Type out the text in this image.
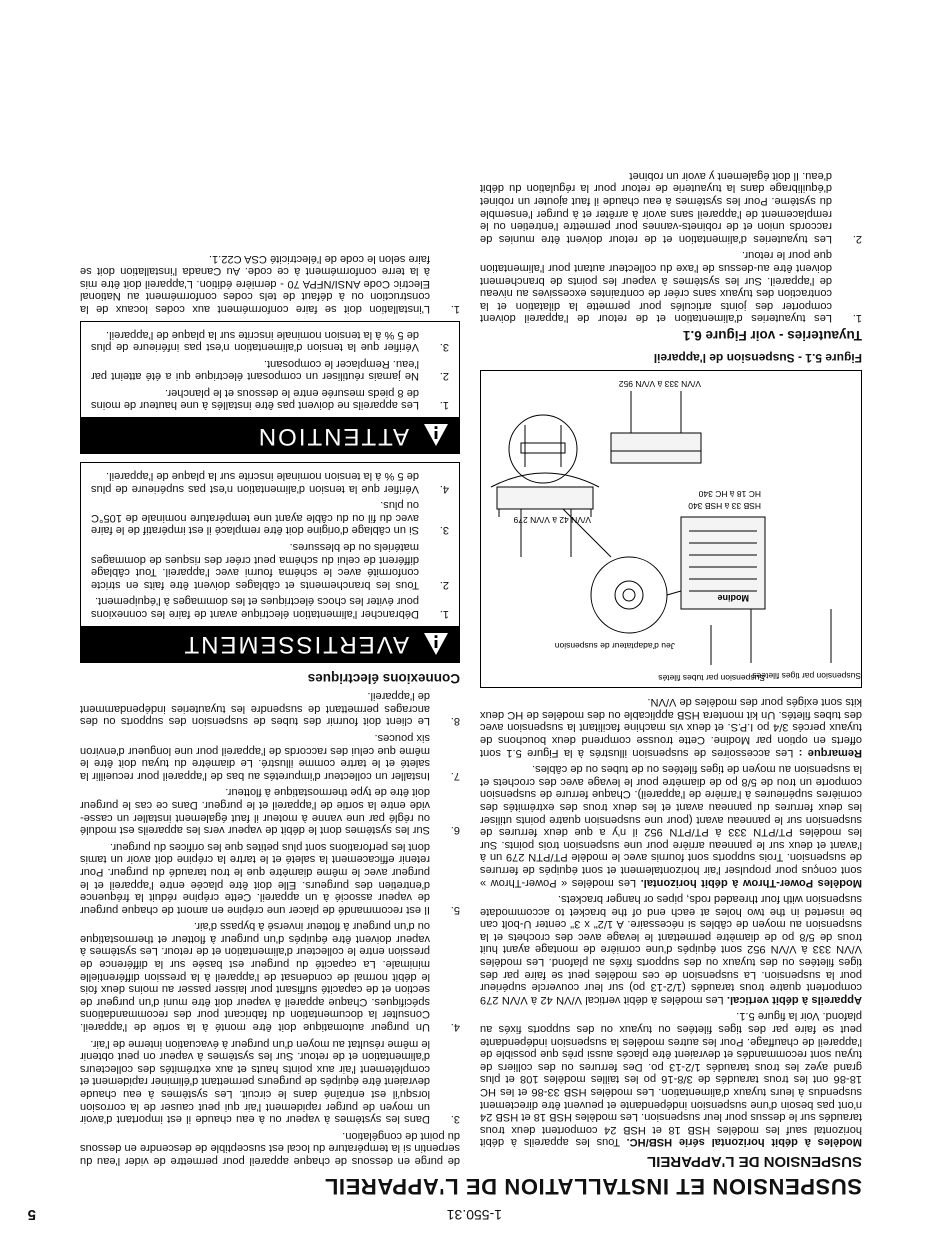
5	1-550.31
SUSPENSION ET INSTALLATION DE L'APPAREIL
SUSPENSION DE L'APPAREIL

Modèles à débit horizontal série HSB/HC. Tous les appareils à débit horizontal sauf les modèles HSB 18 et HSB 24 comportent deux trous taraudés sur le dessus pour leur suspension. Les modèles HSB 18 et HSB 24 n'ont pas besoin d'une suspension indépendante et peuvent être directement suspendus à leurs tuyaux d'alimentation. Les modèles HSB 33-86 et les HC 18-86 ont les trous taraudés de 3/8-16 po les tailles modèles 108 et plus grand ayez les trous taraudés 1/2-13 po. Des ferrures ou des colliers de tuyau sont recommandés et devraient être placés aussi près que possible de l'appareil de chauffage. Pour les autres modèles la suspension indépendante peut se faire par des tiges filetées ou tuyaux ou des supports fixés au plafond. Voir la figure 5.1.

Appareils à débit vertical. Les modèles à débit vertical V/VN 42 à V/VN 279 comportent quatre trous taraudés (1/2-13 po) sur leur couvercle supérieur pour la suspension. La suspension de ces modèles peut se faire par des tiges filetées ou des tuyaux ou des supports fixés au plafond. Les modèles V/VN 333 à V/VN 952 sont équipés d'une cornière de montage ayant huit trous de 5/8 po de diamètre permettant le levage avec des crochets et la suspension au moyen de câbles si nécessaire. A 1/2" x 3" center U-bolt can be inserted in the two holes at each end of the bracket to accommodate suspension with four threaded rods, pipes or hanger brackets.

Modèles Power-Throw à débit horizontal. Les modèles « Power-Throw » sont conçus pour propulser l'air horizontalement et sont équipés de ferrures de suspension. Trois supports sont fournis avec le modèle PT/PTN 279 un à l'avant et deux sur le panneau arrière pour une suspension trois points. Sur les modèles PT/PTN 333 à PT/PTN 952 il n'y a que deux ferrures de suspension sur le panneau avant (pour une suspension quatre points utiliser les deux ferrures du panneau avant et les deux trous des extrémités des cornières supérieures à l'arrière de l'appareil). Chaque ferrure de suspension comporte un trou de 5/8 po de diamètre pour le levage avec des crochets et la suspension au moyen de tiges filetées ou de tubes ou de câbles.

Remarque : Les accessoires de suspension illustrés à la Figure 5.1 sont offerts en option par Modine. Cette trousse comprend deux bouchons de tuyaux percés 3/4 po I.P.S. et deux vis machine facilitant la suspension avec des tubes filetés. Un kit montera HSB applicable ou des modèles de HC deux kits sont exigés pour des modèles de V/VN.

Suspension par tiges filetées
Suspension par tubes filetés
Jeu d'adaptateur de suspension
HSB 33 à HSB 340
HC 18 à HC 340
V/VN 42 à V/VN 279
V/VN 333 à V/VN 952
Modine
Figure 5.1 - Suspension de l'appareil
Tuyauteries - voir Figure 6.1
1.
Les tuyauteries d'alimentation et de retour de l'appareil doivent comporter des joints articulés pour permette la dilatation et la contraction des tuyaux sans créer de contraintes excessives au niveau de l'appareil. Sur les systèmes à vapeur les points de branchement doivent être au-dessus de l'axe du collecteur autant pour l'alimentation que pour le retour.
2.
Les tuyauteries d'alimentation et de retour doivent être munies de raccords union et de robinets-vannes pour permettre l'entretien ou le remplacement de l'appareil sans avoir à arrêter et à purger l'ensemble du système. Pour les systèmes à eau chaude il faut ajouter un robinet d'équilibrage dans la tuyauterie de retour pour la régulation du débit d'eau. Il doit également y avoir un robinet

de purge en dessous de chaque appareil pour permettre de vider l'eau du serpentin si la température du local est susceptible de descendre en dessous du point de congélation.

3.
Dans les systèmes à vapeur ou à eau chaude il est important d'avoir un moyen de purger rapidement l'air qui peut causer de la corrosion lorsqu'il est entraîné dans le circuit. Les systèmes à eau chaude devraient être équipés de purgeurs permettant d'éliminer rapidement et complètement l'air aux points hauts et aux extrémités des collecteurs d'alimentation et de retour. Sur les systèmes à vapeur on peut obtenir le même résultat au moyen d'un purgeur à évacuation interne de l'air.
4.
Un purgeur automatique doit être monté à la sortie de l'appareil. Consulter la documentation du fabricant pour des recommandations spécifiques. Chaque appareil à vapeur doit être muni d'un purgeur de section et de capacité suffisant pour laisser passer au moins deux fois le débit normal de condensat de l'appareil à la pression différentielle minimale. La capacité du purgeur est basée sur la différence de pression entre le collecteur d'alimentation et de retour. Les systèmes à vapeur doivent être équipés d'un purgeur à flotteur et thermostatique ou d'un purgeur à flotteur inversé à bypass d'air.
5.
Il est recommandé de placer une crépine en amont de chaque purgeur de vapeur associé à un appareil. Cette crépine réduit la fréquence d'entretien des purgeurs. Elle doit être placée entre l'appareil et le purgeur avec le même diamètre que le trou taraudé du purgeur. Pour retenir efficacement la saleté et le tartre la crépine doit avoir un tamis dont les perforations sont plus petites que les orifices du purgeur.
6.
Sur les systèmes dont le débit de vapeur vers les appareils est modulé ou réglé par une vanne à moteur il faut également installer un casse-vide entre la sortie de l'appareil et le purgeur. Dans ce cas le purgeur doit être de type thermostatique à flotteur.
7.
Installer un collecteur d'impuretés au bas de l'appareil pour recueillir la saleté et le tartre comme illustré. Le diamètre du tuyau doit être le même que celui des raccords de l'appareil pour une longueur d'environ six pouces.
8.
Le client doit fournir des tubes de suspension des supports ou des ancrages permettant de suspendre les tuyauteries indépendamment de l'appareil.
Connexions électriques
AVERTISSEMENT
1.
Débrancher l'alimentation électrique avant de faire les connexions pour éviter les chocs électriques et les dommages à l'équipement.
2.
Tous les branchements et câblages doivent être faits en stricte conformité avec le schéma fourni avec l'appareil. Tout câblage différent de celui du schéma peut créer des risques de dommages matériels ou de blessures.
3.
Si un câblage d'origine doit être remplacé il est impératif de le faire avec du fil ou du câble ayant une température nominale de 105°C ou plus.
4.
Vérifier que la tension d'alimentation n'est pas supérieure de plus de 5 % à la tension nominale inscrite sur la plaque de l'appareil.
ATTENTION
1.
Les appareils ne doivent pas être installés à une hauteur de moins de 8 pieds mesurée entre le dessous et le plancher.
2.
Ne jamais réutiliser un composant électrique qui a été atteint par l'eau. Remplacer le composant.
3.
Vérifier que la tension d'alimentation n'est pas inférieure de plus de 5 % à la tension nominale inscrite sur la plaque de l'appareil.
1.
L'installation doit se faire conformément aux codes locaux de la construction ou à défaut de tels codes conformément au National Electric Code ANSI/NFPA 70 - dernière édition. L'appareil doit être mis à la terre conformément à ce code. Au Canada l'installation doit se faire selon le code de l'électricité CSA C22.1.
